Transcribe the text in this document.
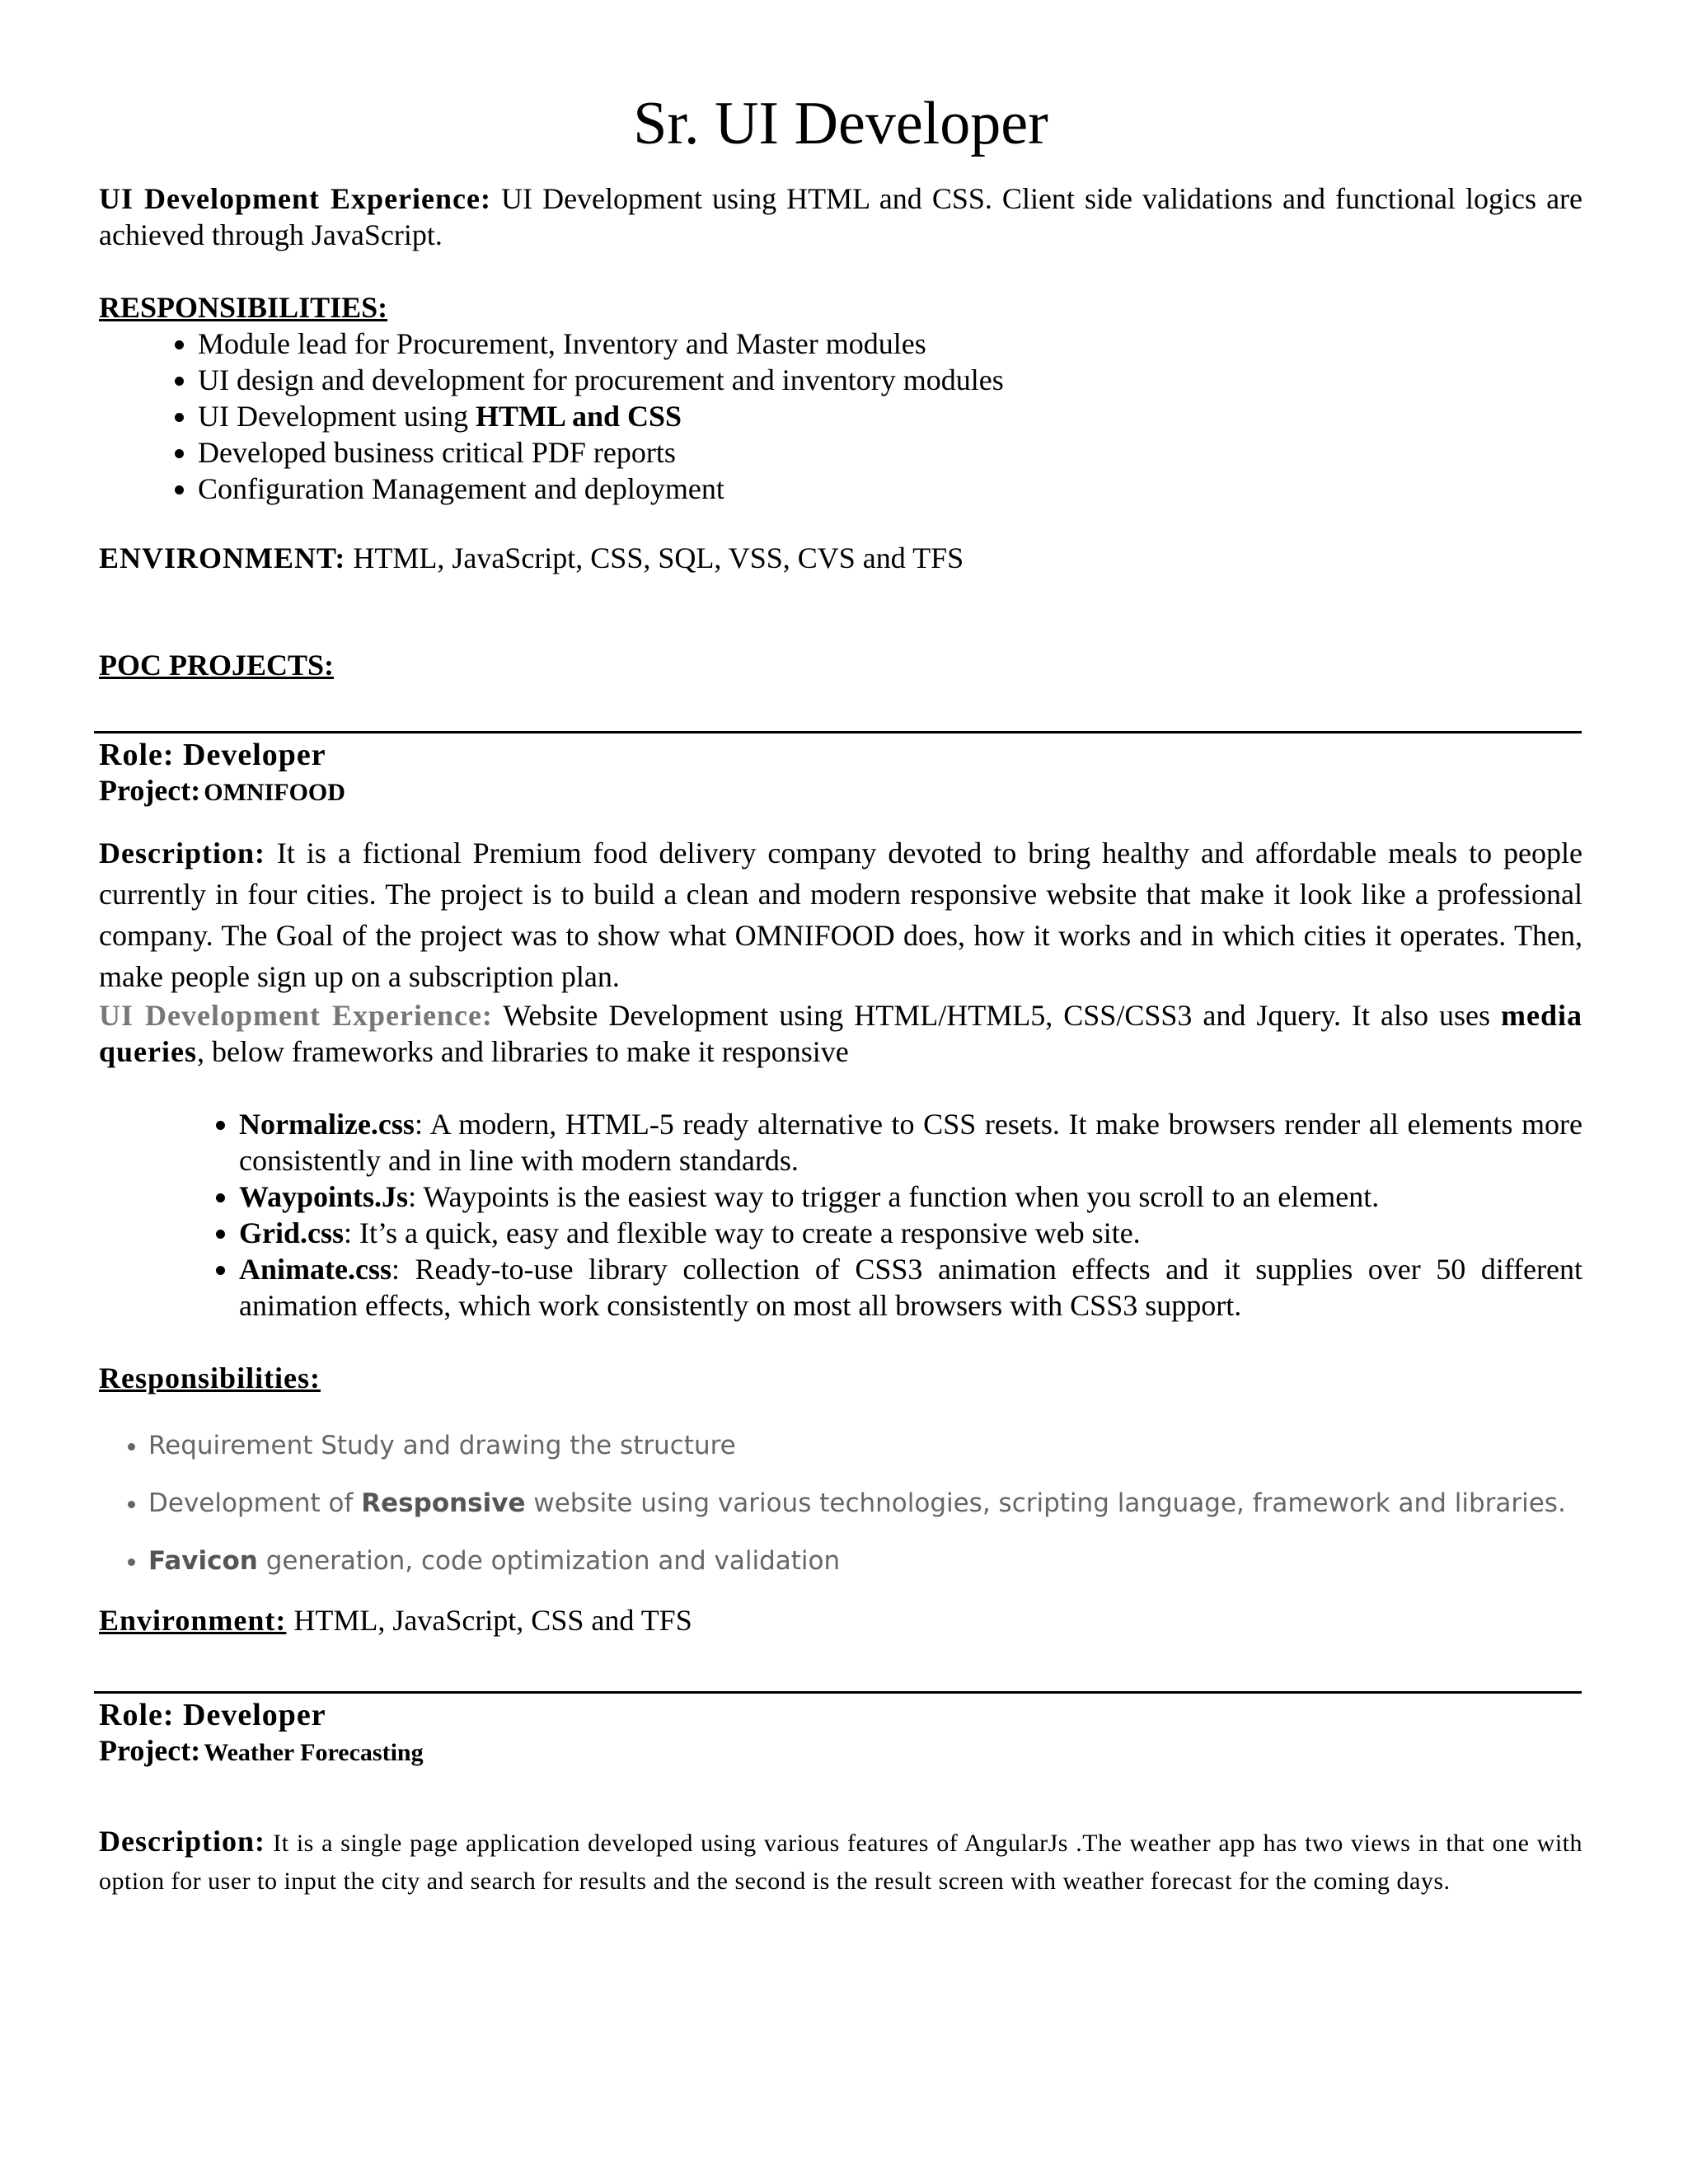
Sr. UI Developer

UI Development Experience: UI Development using HTML and CSS. Client side validations and functional logics are achieved through JavaScript.

RESPONSIBILITIES:

• Module lead for Procurement, Inventory and Master modules
• UI design and development for procurement and inventory modules
• UI Development using HTML and CSS
• Developed business critical PDF reports
• Configuration Management and deployment

ENVIRONMENT: HTML, JavaScript, CSS, SQL, VSS, CVS and TFS

POC PROJECTS:

Role: Developer
Project: OMNIFOOD

Description: It is a fictional Premium food delivery company devoted to bring healthy and affordable meals to people currently in four cities. The project is to build a clean and modern responsive website that make it look like a professional company. The Goal of the project was to show what OMNIFOOD does, how it works and in which cities it operates. Then, make people sign up on a subscription plan.

UI Development Experience: Website Development using HTML/HTML5, CSS/CSS3 and Jquery. It also uses media queries, below frameworks and libraries to make it responsive

• Normalize.css: A modern, HTML-5 ready alternative to CSS resets. It make browsers render all elements more consistently and in line with modern standards.
• Waypoints.Js: Waypoints is the easiest way to trigger a function when you scroll to an element.
• Grid.css: It’s a quick, easy and flexible way to create a responsive web site.
• Animate.css: Ready-to-use library collection of CSS3 animation effects and it supplies over 50 different animation effects, which work consistently on most all browsers with CSS3 support.

Responsibilities:

• Requirement Study and drawing the structure
• Development of Responsive website using various technologies, scripting language, framework and libraries.
• Favicon generation, code optimization and validation

Environment: HTML, JavaScript, CSS and TFS

Role: Developer
Project: Weather Forecasting

Description: It is a single page application developed using various features of AngularJs .The weather app has two views in that one with option for user to input the city and search for results and the second is the result screen with weather forecast for the coming days.
